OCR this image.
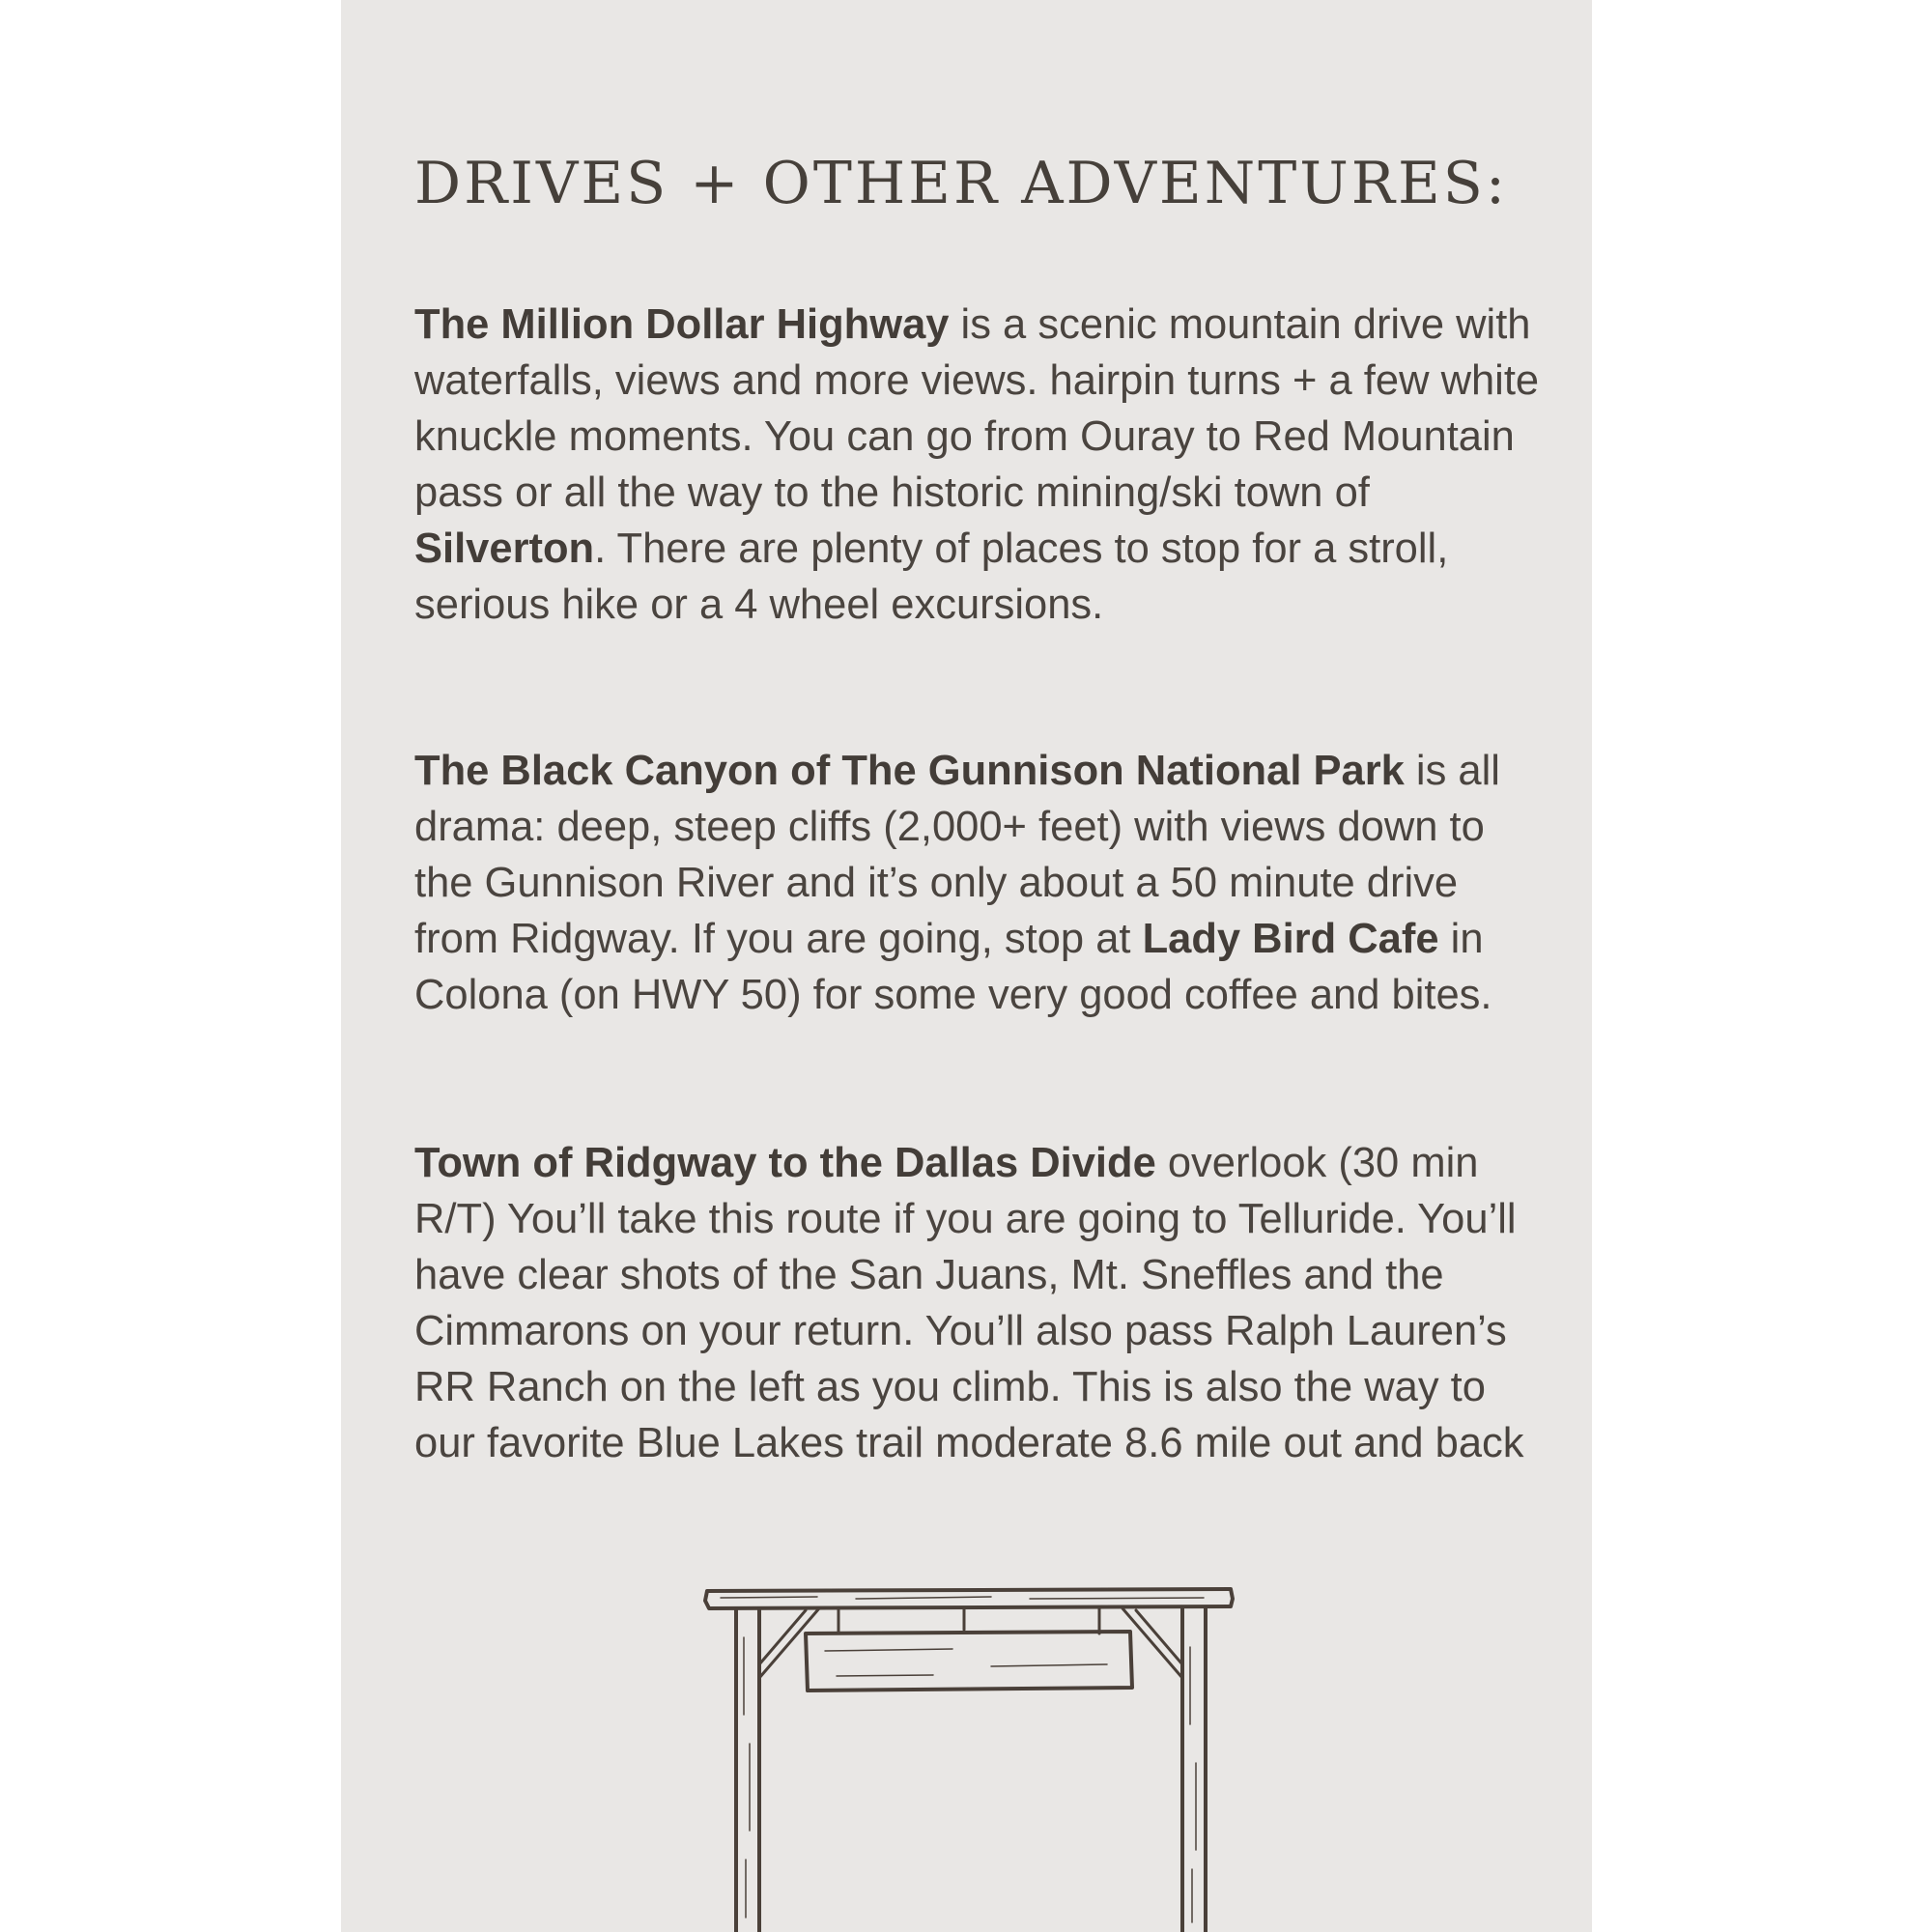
DRIVES + OTHER ADVENTURES:

The Million Dollar Highway is a scenic mountain drive with waterfalls, views and more views. hairpin turns + a few white knuckle moments. You can go from Ouray to Red Mountain pass or all the way to the historic mining/ski town of Silverton. There are plenty of places to stop for a stroll, serious hike or a 4 wheel excursions.

The Black Canyon of The Gunnison National Park is all drama: deep, steep cliffs (2,000+ feet) with views down to the Gunnison River and it’s only about a 50 minute drive from Ridgway. If you are going, stop at Lady Bird Cafe in Colona (on HWY 50) for some very good coffee and bites.

Town of Ridgway to the Dallas Divide overlook (30 min R/T) You’ll take this route if you are going to Telluride. You’ll have clear shots of the San Juans, Mt. Sneffles and the Cimmarons on your return. You’ll also pass Ralph Lauren’s RR Ranch on the left as you climb. This is also the way to our favorite Blue Lakes trail moderate 8.6 mile out and back
